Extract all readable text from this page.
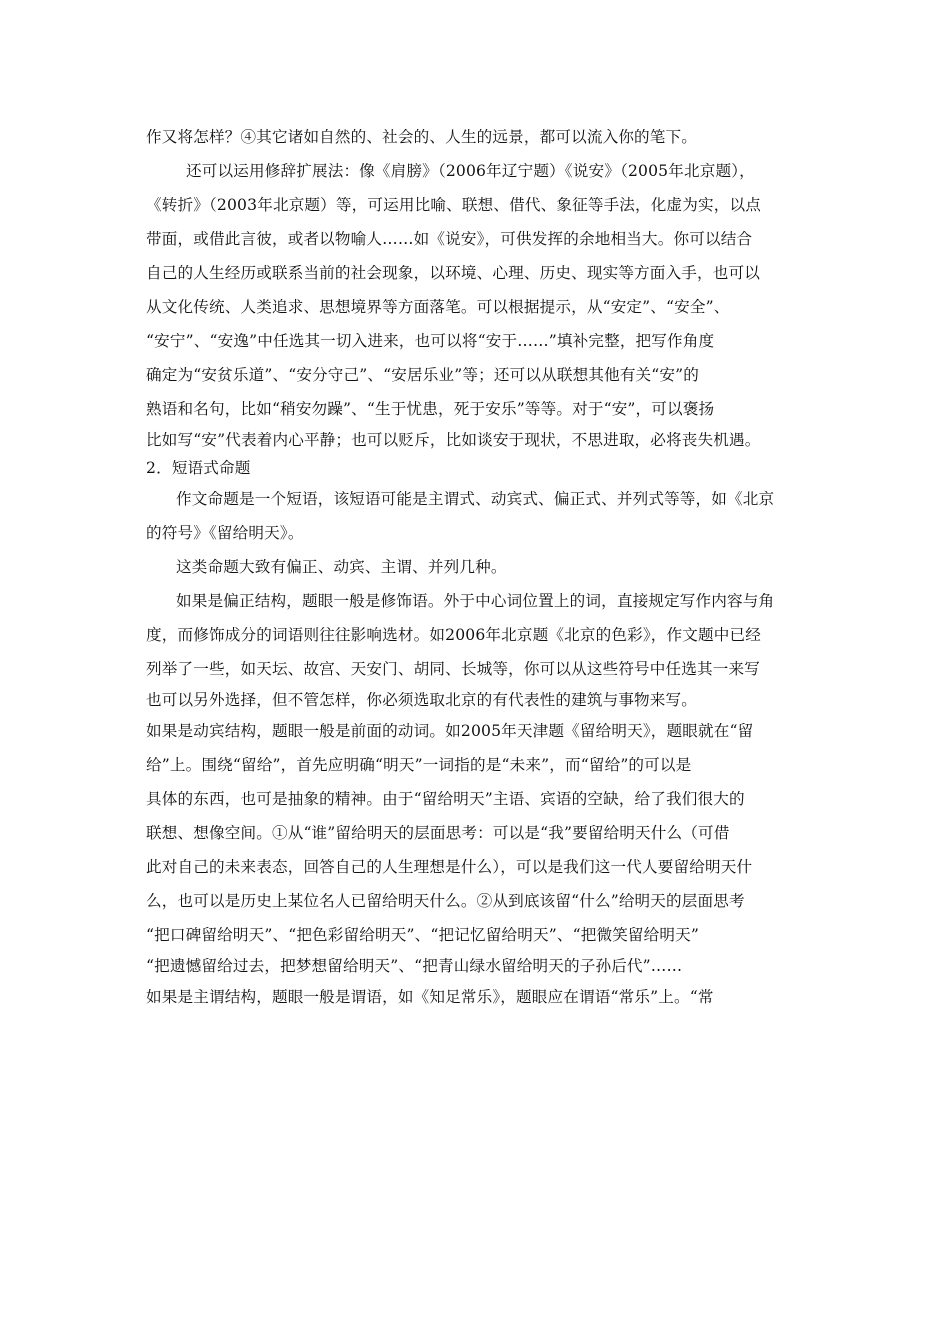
作又将怎样？④其它诸如自然的、社会的、人生的远景，都可以流入你的笔下。
还可以运用修辞扩展法：像《肩膀》（2006年辽宁题）《说安》（2005年北京题），
《转折》（2003年北京题）等，可运用比喻、联想、借代、象征等手法，化虚为实，以点
带面，或借此言彼，或者以物喻人……如《说安》，可供发挥的余地相当大。你可以结合
自己的人生经历或联系当前的社会现象，以环境、心理、历史、现实等方面入手，也可以
从文化传统、人类追求、思想境界等方面落笔。可以根据提示，从“安定”、“安全”、
“安宁”、“安逸”中任选其一切入进来，也可以将“安于……”填补完整，把写作角度
确定为“安贫乐道”、“安分守己”、“安居乐业”等；还可以从联想其他有关“安”的
熟语和名句，比如“稍安勿躁”、“生于忧患，死于安乐”等等。对于“安”，可以褒扬
比如写“安”代表着内心平静；也可以贬斥，比如谈安于现状，不思进取，必将丧失机遇。
2．短语式命题
作文命题是一个短语，该短语可能是主谓式、动宾式、偏正式、并列式等等，如《北京
的符号》《留给明天》。
这类命题大致有偏正、动宾、主谓、并列几种。
如果是偏正结构，题眼一般是修饰语。外于中心词位置上的词，直接规定写作内容与角
度，而修饰成分的词语则往往影响选材。如2006年北京题《北京的色彩》，作文题中已经
列举了一些，如天坛、故宫、天安门、胡同、长城等，你可以从这些符号中任选其一来写
也可以另外选择，但不管怎样，你必须选取北京的有代表性的建筑与事物来写。
如果是动宾结构，题眼一般是前面的动词。如2005年天津题《留给明天》，题眼就在“留
给”上。围绕“留给”，首先应明确“明天”一词指的是“未来”，而“留给”的可以是
具体的东西，也可是抽象的精神。由于“留给明天”主语、宾语的空缺，给了我们很大的
联想、想像空间。①从“谁”留给明天的层面思考：可以是“我”要留给明天什么（可借
此对自己的未来表态，回答自己的人生理想是什么），可以是我们这一代人要留给明天什
么，也可以是历史上某位名人已留给明天什么。②从到底该留“什么”给明天的层面思考
“把口碑留给明天”、“把色彩留给明天”、“把记忆留给明天”、“把微笑留给明天”
“把遗憾留给过去，把梦想留给明天”、“把青山绿水留给明天的子孙后代”……
如果是主谓结构，题眼一般是谓语，如《知足常乐》，题眼应在谓语“常乐”上。“常
